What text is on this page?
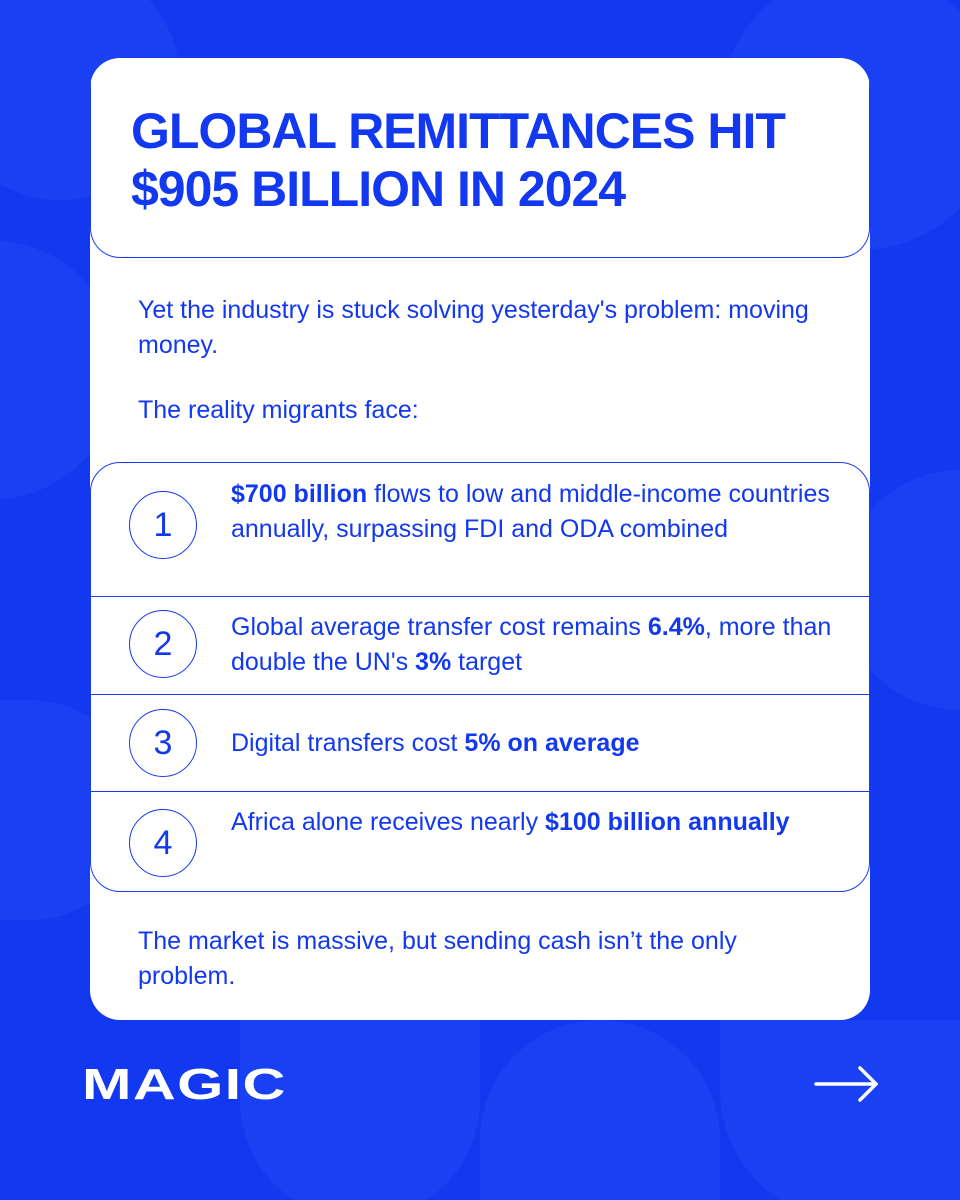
GLOBAL REMITTANCES HIT $905 BILLION IN 2024

Yet the industry is stuck solving yesterday's problem: moving money.

The reality migrants face:

1

$700 billion flows to low and middle-income countries annually, surpassing FDI and ODA combined

2	Global average transfer cost remains 6.4%, more than double the UN's 3% target

3	Digital transfers cost 5% on average

4

Africa alone receives nearly $100 billion annually

The market is massive, but sending cash isn’t the only problem.

MAGIC
